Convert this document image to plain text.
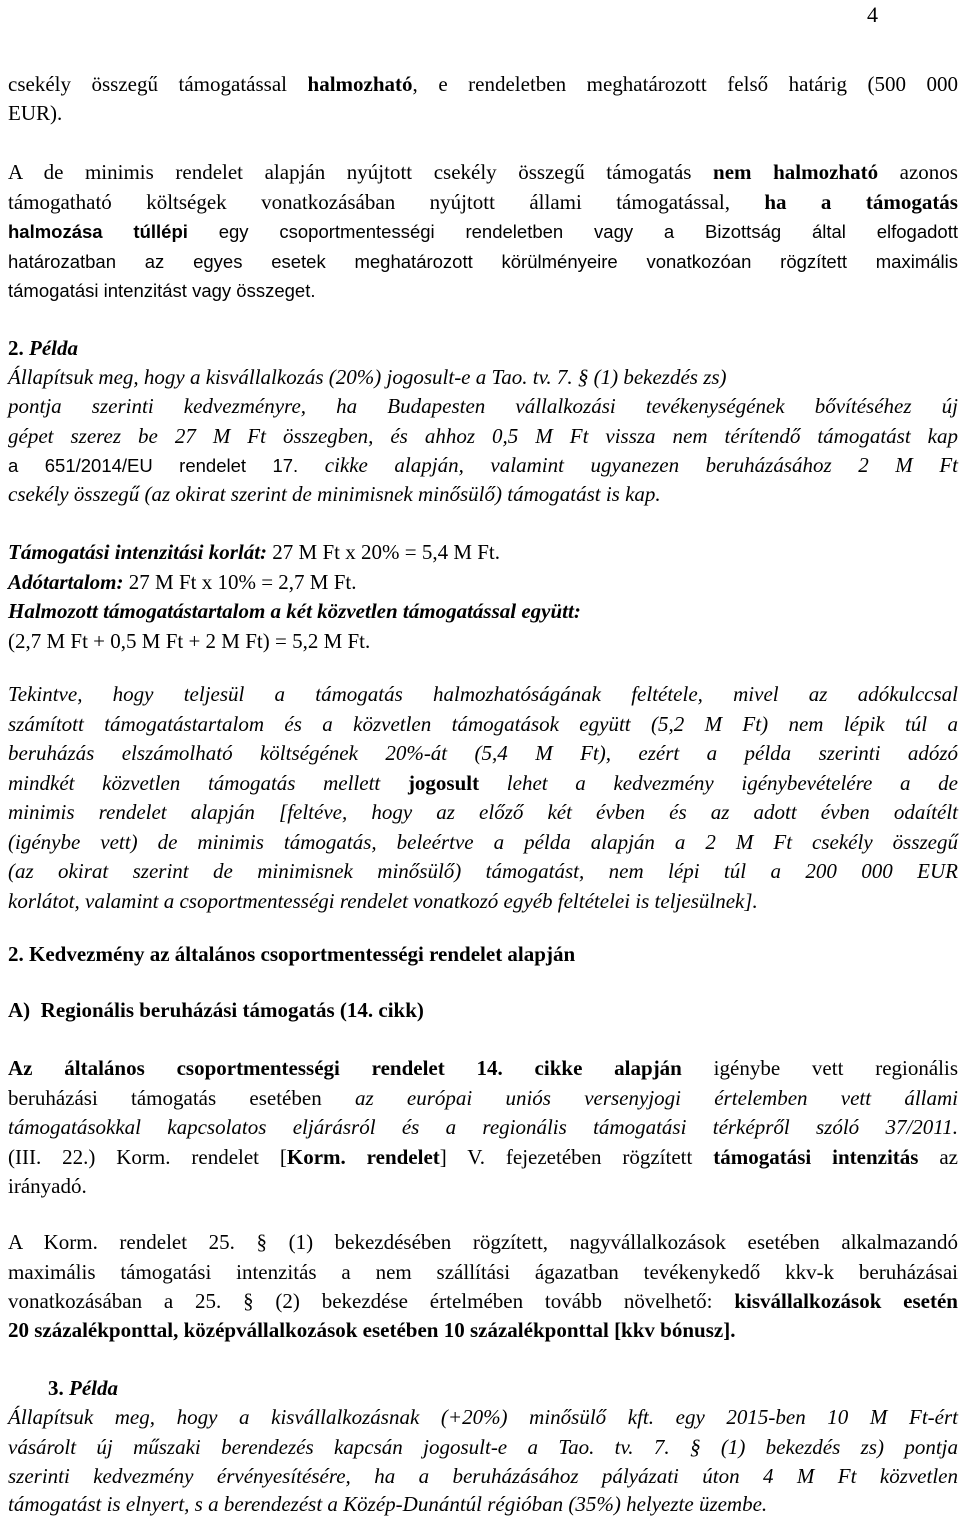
4
csekély összegű támogatással halmozható, e rendeletben meghatározott felső határig (500 000
EUR).
A de minimis rendelet alapján nyújtott csekély összegű támogatás nem halmozható azonos
támogatható költségek vonatkozásában nyújtott állami támogatással, ha a támogatás
halmozása túllépi egy csoportmentességi rendeletben vagy a Bizottság által elfogadott
határozatban az egyes esetek meghatározott körülményeire vonatkozóan rögzített maximális
támogatási intenzitást vagy összeget.
2. Példa
Állapítsuk meg, hogy a kisvállalkozás (20%) jogosult-e a Tao. tv. 7. § (1) bekezdés zs)
pontja szerinti kedvezményre, ha Budapesten vállalkozási tevékenységének bővítéséhez új
gépet szerez be 27 M Ft összegben, és ahhoz 0,5 M Ft vissza nem térítendő támogatást kap
a 651/2014/EU rendelet 17. cikke alapján, valamint ugyanezen beruházásához 2 M Ft
csekély összegű (az okirat szerint de minimisnek minősülő) támogatást is kap.
Támogatási intenzitási korlát: 27 M Ft x 20% = 5,4 M Ft.
Adótartalom: 27 M Ft x 10% = 2,7 M Ft.
Halmozott támogatástartalom a két közvetlen támogatással együtt:
(2,7 M Ft + 0,5 M Ft + 2 M Ft) = 5,2 M Ft.
Tekintve, hogy teljesül a támogatás halmozhatóságának feltétele, mivel az adókulccsal
számított támogatástartalom és a közvetlen támogatások együtt (5,2 M Ft) nem lépik túl a
beruházás elszámolható költségének 20%-át (5,4 M Ft), ezért a példa szerinti adózó
mindkét közvetlen támogatás mellett jogosult lehet a kedvezmény igénybevételére a de
minimis rendelet alapján [feltéve, hogy az előző két évben és az adott évben odaítélt
(igénybe vett) de minimis támogatás, beleértve a példa alapján a 2 M Ft csekély összegű
(az okirat szerint de minimisnek minősülő) támogatást, nem lépi túl a 200 000 EUR
korlátot, valamint a csoportmentességi rendelet vonatkozó egyéb feltételei is teljesülnek].
2. Kedvezmény az általános csoportmentességi rendelet alapján
A)  Regionális beruházási támogatás (14. cikk)
Az általános csoportmentességi rendelet 14. cikke alapján igénybe vett regionális
beruházási támogatás esetében az európai uniós versenyjogi értelemben vett állami
támogatásokkal kapcsolatos eljárásról és a regionális támogatási térképről szóló 37/2011.
(III. 22.) Korm. rendelet [Korm. rendelet] V. fejezetében rögzített támogatási intenzitás az
irányadó.
A Korm. rendelet 25. § (1) bekezdésében rögzített, nagyvállalkozások esetében alkalmazandó
maximális támogatási intenzitás a nem szállítási ágazatban tevékenykedő kkv-k beruházásai
vonatkozásában a 25. § (2) bekezdése értelmében tovább növelhető: kisvállalkozások esetén
20 százalékponttal, középvállalkozások esetében 10 százalékponttal [kkv bónusz].
3. Példa
Állapítsuk meg, hogy a kisvállalkozásnak (+20%) minősülő kft. egy 2015-ben 10 M Ft-ért
vásárolt új műszaki berendezés kapcsán jogosult-e a Tao. tv. 7. § (1) bekezdés zs) pontja
szerinti kedvezmény érvényesítésére, ha a beruházásához pályázati úton 4 M Ft közvetlen
támogatást is elnyert, s a berendezést a Közép-Dunántúl régióban (35%) helyezte üzembe.
